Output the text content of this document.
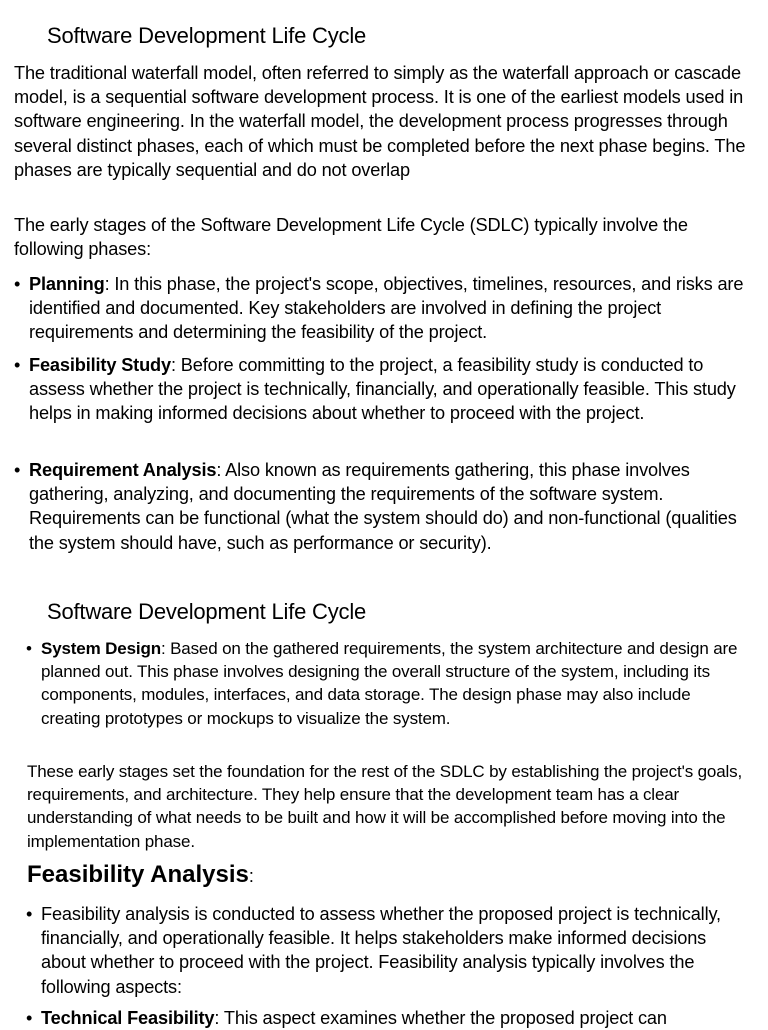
Software Development Life Cycle

The traditional waterfall model, often referred to simply as the waterfall approach or cascade model, is a sequential software development process. It is one of the earliest models used in software engineering. In the waterfall model, the development process progresses through several distinct phases, each of which must be completed before the next phase begins. The phases are typically sequential and do not overlap

The early stages of the Software Development Life Cycle (SDLC) typically involve the following phases:

• Planning: In this phase, the project's scope, objectives, timelines, resources, and risks are identified and documented. Key stakeholders are involved in defining the project requirements and determining the feasibility of the project.
• Feasibility Study: Before committing to the project, a feasibility study is conducted to assess whether the project is technically, financially, and operationally feasible. This study helps in making informed decisions about whether to proceed with the project.
• Requirement Analysis: Also known as requirements gathering, this phase involves gathering, analyzing, and documenting the requirements of the software system. Requirements can be functional (what the system should do) and non-functional (qualities the system should have, such as performance or security).
Software Development Life Cycle
• System Design: Based on the gathered requirements, the system architecture and design are planned out. This phase involves designing the overall structure of the system, including its components, modules, interfaces, and data storage. The design phase may also include creating prototypes or mockups to visualize the system.

These early stages set the foundation for the rest of the SDLC by establishing the project's goals, requirements, and architecture. They help ensure that the development team has a clear understanding of what needs to be built and how it will be accomplished before moving into the implementation phase.

Feasibility Analysis:
• Feasibility analysis is conducted to assess whether the proposed project is technically, financially, and operationally feasible. It helps stakeholders make informed decisions about whether to proceed with the project. Feasibility analysis typically involves the following aspects:
• Technical Feasibility: This aspect examines whether the proposed project can
